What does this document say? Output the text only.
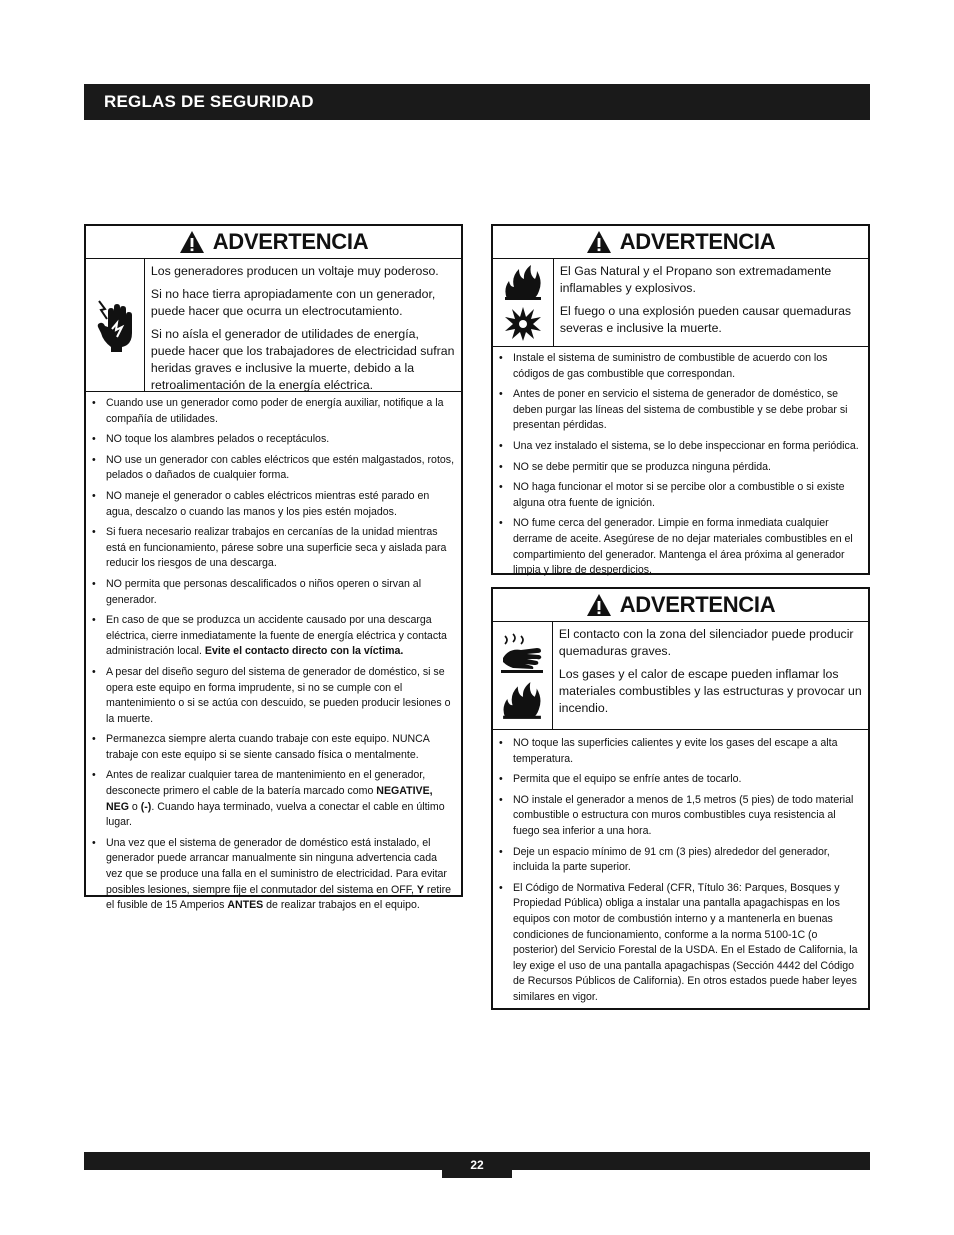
REGLAS DE SEGURIDAD
ADVERTENCIA

Los generadores producen un voltaje muy poderoso.

Si no hace tierra apropiadamente con un generador, puede hacer que ocurra un electrocutamiento.

Si no aísla el generador de utilidades de energía, puede hacer que los trabajadores de electricidad sufran heridas graves e inclusive la muerte, debido a la retroalimentación de la energía eléctrica.

• Cuando use un generador como poder de energía auxiliar, notifique a la compañía de utilidades.
• NO toque los alambres pelados o receptáculos.
• NO use un generador con cables eléctricos que estén malgastados, rotos, pelados o dañados de cualquier forma.
• NO maneje el generador o cables eléctricos mientras esté parado en agua, descalzo o cuando las manos y los pies estén mojados.
• Si fuera necesario realizar trabajos en cercanías de la unidad mientras está en funcionamiento, párese sobre una superficie seca y aislada para reducir los riesgos de una descarga.
• NO permita que personas descalificados o niños operen o sirvan al generador.
• En caso de que se produzca un accidente causado por una descarga eléctrica, cierre inmediatamente la fuente de energía eléctrica y contacta administración local. Evite el contacto directo con la víctima.
• A pesar del diseño seguro del sistema de generador de doméstico, si se opera este equipo en forma imprudente, si no se cumple con el mantenimiento o si se actúa con descuido, se pueden producir lesiones o la muerte.
• Permanezca siempre alerta cuando trabaje con este equipo. NUNCA trabaje con este equipo si se siente cansado física o mentalmente.
• Antes de realizar cualquier tarea de mantenimiento en el generador, desconecte primero el cable de la batería marcado como NEGATIVE, NEG o (-). Cuando haya terminado, vuelva a conectar el cable en último lugar.
• Una vez que el sistema de generador de doméstico está instalado, el generador puede arrancar manualmente sin ninguna advertencia cada vez que se produce una falla en el suministro de electricidad. Para evitar posibles lesiones, siempre fije el conmutador del sistema en OFF, Y retire el fusible de 15 Amperios ANTES de realizar trabajos en el equipo.
ADVERTENCIA

El Gas Natural y el Propano son extremadamente inflamables y explosivos.

El fuego o una explosión pueden causar quemaduras severas e inclusive la muerte.

• Instale el sistema de suministro de combustible de acuerdo con los códigos de gas combustible que correspondan.
• Antes de poner en servicio el sistema de generador de doméstico, se deben purgar las líneas del sistema de combustible y se debe probar si presentan pérdidas.
• Una vez instalado el sistema, se lo debe inspeccionar en forma periódica.
• NO se debe permitir que se produzca ninguna pérdida.
• NO haga funcionar el motor si se percibe olor a combustible o si existe alguna otra fuente de ignición.
• NO fume cerca del generador. Limpie en forma inmediata cualquier derrame de aceite. Asegúrese de no dejar materiales combustibles en el compartimiento del generador. Mantenga el área próxima al generador limpia y libre de desperdicios.
ADVERTENCIA

El contacto con la zona del silenciador puede producir quemaduras graves.

Los gases y el calor de escape pueden inflamar los materiales combustibles y las estructuras y provocar un incendio.

• NO toque las superficies calientes y evite los gases del escape a alta temperatura.
• Permita que el equipo se enfríe antes de tocarlo.
• NO instale el generador a menos de 1,5 metros (5 pies) de todo material combustible o estructura con muros combustibles cuya resistencia al fuego sea inferior a una hora.
• Deje un espacio mínimo de 91 cm (3 pies) alrededor del generador, incluida la parte superior.
• El Código de Normativa Federal (CFR, Título 36: Parques, Bosques y Propiedad Pública) obliga a instalar una pantalla apagachispas en los equipos con motor de combustión interno y a mantenerla en buenas condiciones de funcionamiento, conforme a la norma 5100-1C (o posterior) del Servicio Forestal de la USDA. En el Estado de California, la ley exige el uso de una pantalla apagachispas (Sección 4442 del Código de Recursos Públicos de California). En otros estados puede haber leyes similares en vigor.
22
